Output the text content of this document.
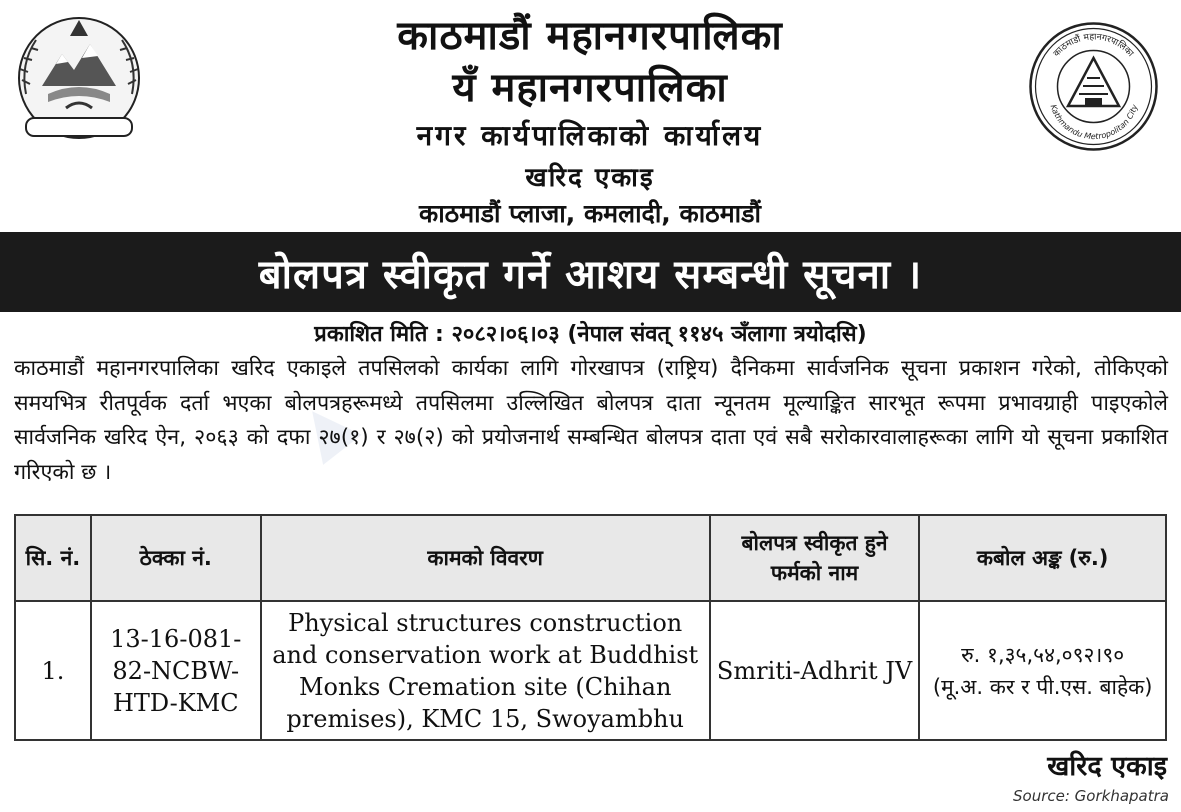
काठमाडौं महानगरपालिका
यँ महानगरपालिका
नगर कार्यपालिकाको कार्यालय
खरिद एकाइ
काठमाडौं प्लाजा, कमलादी, काठमाडौं
काठमाडौं महानगरपालिका
Kathmandu Metropolitan City
बोलपत्र स्वीकृत गर्ने आशय सम्बन्धी सूचना ।
▲
प्रकाशित मिति : २०८२।०६।०३ (नेपाल संवत् ११४५ ञँलागा त्रयोदसि)
काठमाडौं महानगरपालिका खरिद एकाइले तपसिलको कार्यका लागि गोरखापत्र (राष्ट्रिय) दैनिकमा सार्वजनिक सूचना प्रकाशन गरेको, तोकिएको समयभित्र रीतपूर्वक दर्ता भएका बोलपत्रहरूमध्ये तपसिलमा उल्लिखित बोलपत्र दाता न्यूनतम मूल्याङ्कित सारभूत रूपमा प्रभावग्राही पाइएकोले सार्वजनिक खरिद ऐन, २०६३ को दफा २७(१) र २७(२) को प्रयोजनार्थ सम्बन्धित बोलपत्र दाता एवं सबै सरोकारवालाहरूका लागि यो सूचना प्रकाशित गरिएको छ ।
सि. नं.	ठेक्का नं.	कामको विवरण	बोलपत्र स्वीकृत हुने फर्मको नाम	कबोल अङ्क (रु.)
1.	13-16-081-82-NCBW-HTD-KMC	Physical structures construction and conservation work at Buddhist Monks Cremation site (Chihan premises), KMC 15, Swoyambhu	Smriti-Adhrit JV	रु. १,३५,५४,०९२।९०
(मू.अ. कर र पी.एस. बाहेक)
खरिद एकाइ
Source: Gorkhapatra
